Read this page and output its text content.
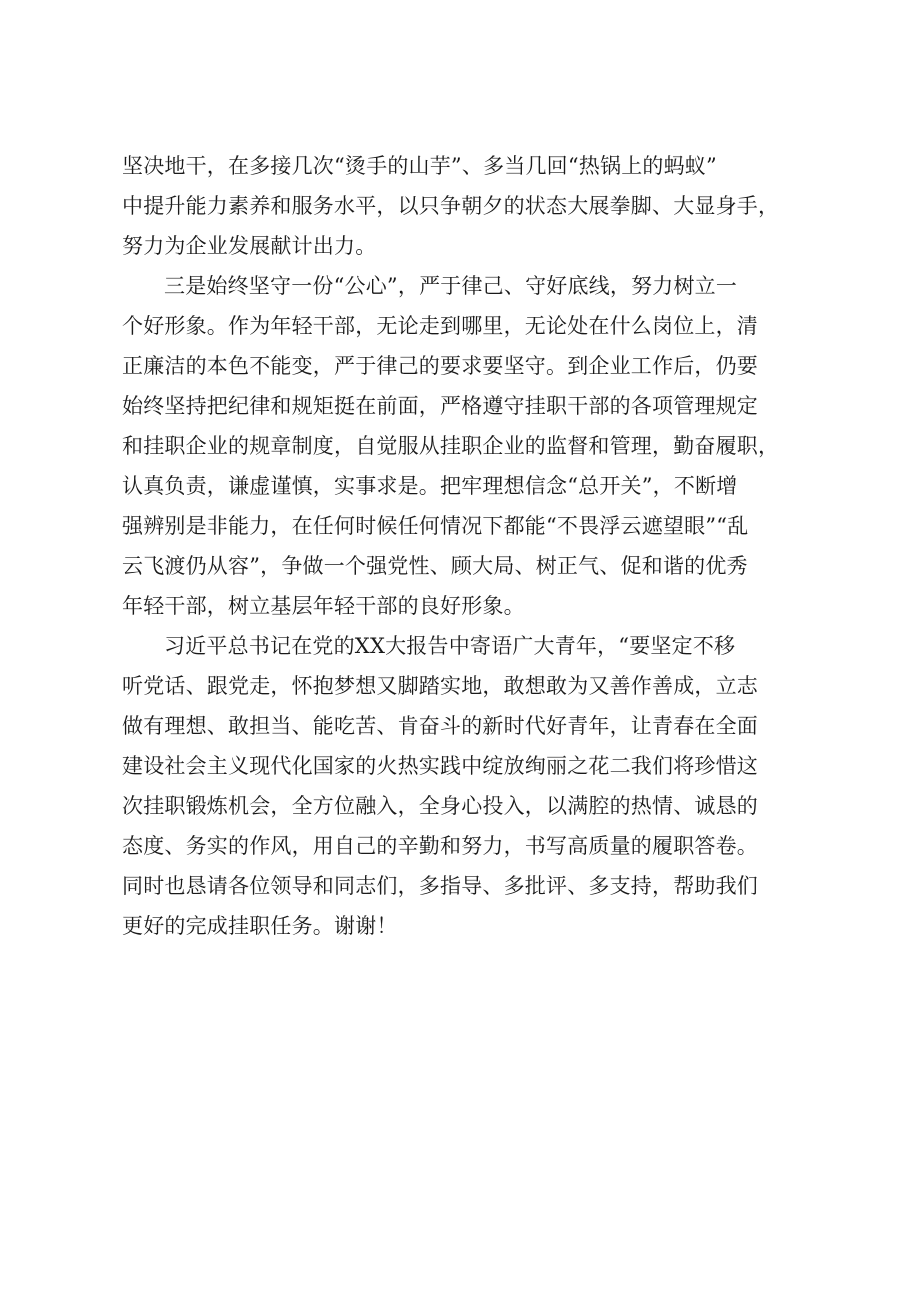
坚决地干，在多接几次“烫手的山芋”、多当几回“热锅上的蚂蚁”
中提升能力素养和服务水平，以只争朝夕的状态大展拳脚、大显身手，
努力为企业发展献计出力。
三是始终坚守一份“公心”，严于律己、守好底线，努力树立一
个好形象。作为年轻干部，无论走到哪里，无论处在什么岗位上，清
正廉洁的本色不能变，严于律己的要求要坚守。到企业工作后，仍要
始终坚持把纪律和规矩挺在前面，严格遵守挂职干部的各项管理规定
和挂职企业的规章制度，自觉服从挂职企业的监督和管理，勤奋履职，
认真负责，谦虚谨慎，实事求是。把牢理想信念“总开关”，不断增
强辨别是非能力，在任何时候任何情况下都能“不畏浮云遮望眼”“乱
云飞渡仍从容”，争做一个强党性、顾大局、树正气、促和谐的优秀
年轻干部，树立基层年轻干部的良好形象。
习近平总书记在党的XX大报告中寄语广大青年，“要坚定不移
听党话、跟党走，怀抱梦想又脚踏实地，敢想敢为又善作善成，立志
做有理想、敢担当、能吃苦、肯奋斗的新时代好青年，让青春在全面
建设社会主义现代化国家的火热实践中绽放绚丽之花二我们将珍惜这
次挂职锻炼机会，全方位融入，全身心投入，以满腔的热情、诚恳的
态度、务实的作风，用自己的辛勤和努力，书写高质量的履职答卷。
同时也恳请各位领导和同志们，多指导、多批评、多支持，帮助我们
更好的完成挂职任务。谢谢！
